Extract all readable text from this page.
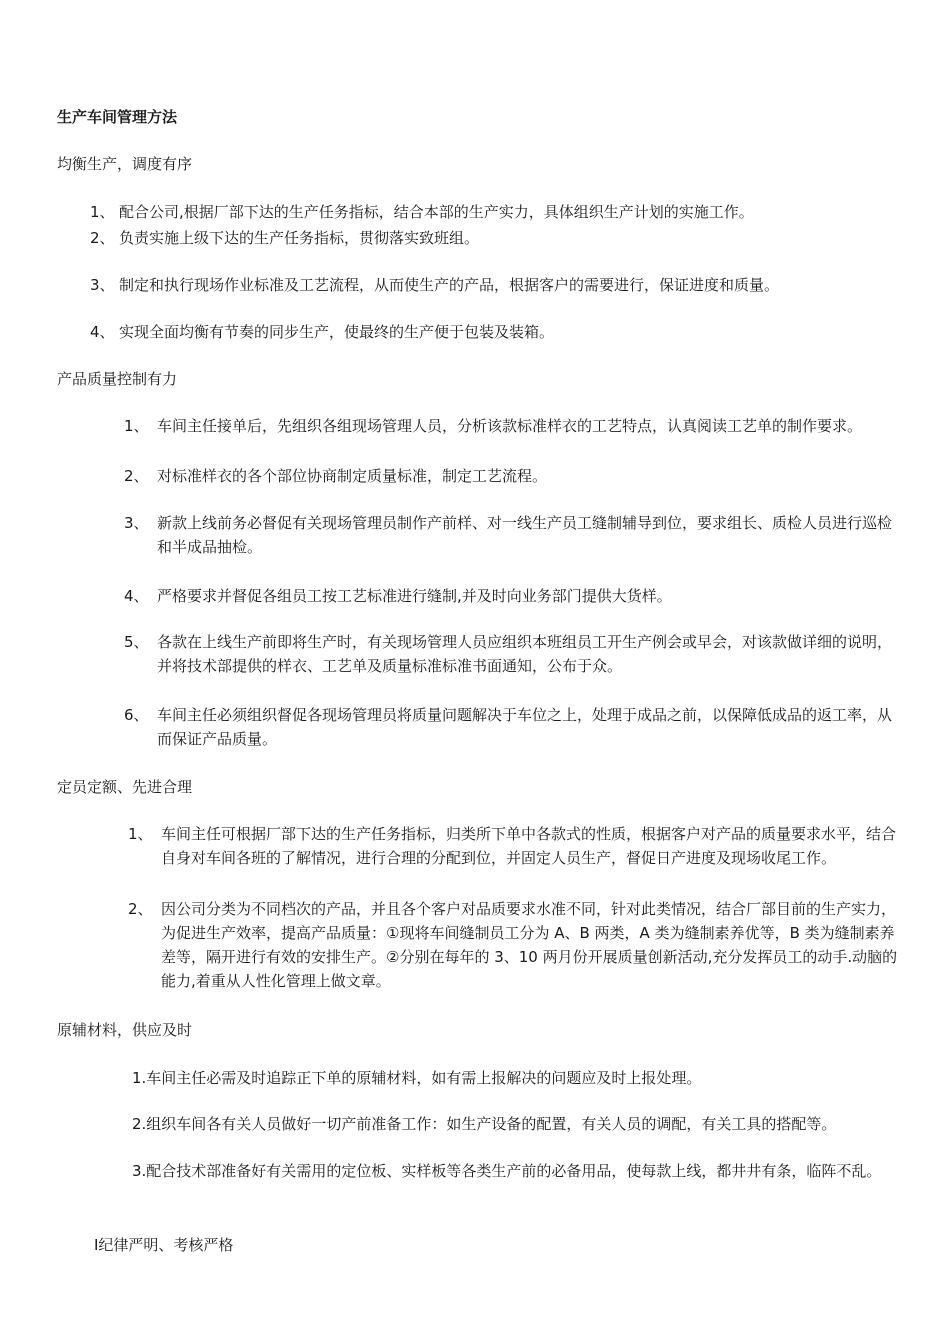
生产车间管理方法
均衡生产，调度有序
1、 配合公司,根据厂部下达的生产任务指标，结合本部的生产实力，具体组织生产计划的实施工作。
2、 负责实施上级下达的生产任务指标，贯彻落实致班组。
3、 制定和执行现场作业标准及工艺流程，从而使生产的产品，根据客户的需要进行，保证进度和质量。
4、 实现全面均衡有节奏的同步生产，使最终的生产便于包装及装箱。
产品质量控制有力
1、 车间主任接单后，先组织各组现场管理人员，分析该款标准样衣的工艺特点，认真阅读工艺单的制作要求。
2、 对标准样衣的各个部位协商制定质量标准，制定工艺流程。
3、 新款上线前务必督促有关现场管理员制作产前样、对一线生产员工缝制辅导到位，要求组长、质检人员进行巡检和半成品抽检。
4、 严格要求并督促各组员工按工艺标准进行缝制,并及时向业务部门提供大货样。
5、 各款在上线生产前即将生产时，有关现场管理人员应组织本班组员工开生产例会或早会，对该款做详细的说明，并将技术部提供的样衣、工艺单及质量标准标准书面通知，公布于众。
6、 车间主任必须组织督促各现场管理员将质量问题解决于车位之上，处理于成品之前，以保障低成品的返工率，从而保证产品质量。
定员定额、先进合理
1、 车间主任可根据厂部下达的生产任务指标，归类所下单中各款式的性质，根据客户对产品的质量要求水平，结合自身对车间各班的了解情况，进行合理的分配到位，并固定人员生产，督促日产进度及现场收尾工作。
2、 因公司分类为不同档次的产品，并且各个客户对品质要求水准不同，针对此类情况，结合厂部目前的生产实力，为促进生产效率，提高产品质量：①现将车间缝制员工分为 A、B 两类，A 类为缝制素养优等，B 类为缝制素养差等，隔开进行有效的安排生产。②分别在每年的 3、10 两月份开展质量创新活动,充分发挥员工的动手.动脑的能力,着重从人性化管理上做文章。
原辅材料，供应及时
1.车间主任必需及时追踪正下单的原辅材料，如有需上报解决的问题应及时上报处理。
2.组织车间各有关人员做好一切产前准备工作：如生产设备的配置，有关人员的调配，有关工具的搭配等。
3.配合技术部准备好有关需用的定位板、实样板等各类生产前的必备用品，使每款上线，都井井有条，临阵不乱。
Ⅰ纪律严明、考核严格
